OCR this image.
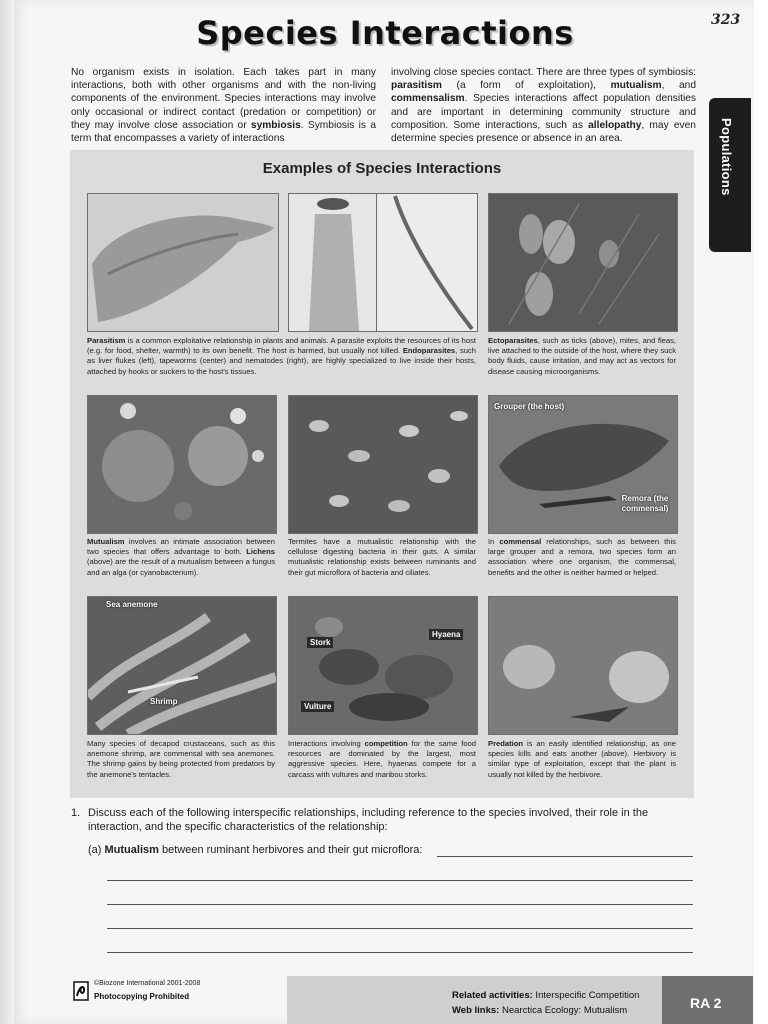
323
Species Interactions
No organism exists in isolation. Each takes part in many interactions, both with other organisms and with the non-living components of the environment. Species interactions may involve only occasional or indirect contact (predation or competition) or they may involve close association or symbiosis. Symbiosis is a term that encompasses a variety of interactions
involving close species contact. There are three types of symbiosis: parasitism (a form of exploitation), mutualism, and commensalism. Species interactions affect population densities and are important in determining community structure and composition. Some interactions, such as allelopathy, may even determine species presence or absence in an area.	Populations
Examples of Species Interactions
Parasitism is a common exploitative relationship in plants and animals. A parasite exploits the resources of its host (e.g. for food, shelter, warmth) to its own benefit. The host is harmed, but usually not killed. Endoparasites, such as liver flukes (left), tapeworms (center) and nematodes (right), are highly specialized to live inside their hosts, attached by hooks or suckers to the host's tissues.
Ectoparasites, such as ticks (above), mites, and fleas, live attached to the outside of the host, where they suck body fluids, cause irritation, and may act as vectors for disease causing microorganisms.
Grouper (the host)
Remora (the commensal)
Mutualism involves an intimate association between two species that offers advantage to both. Lichens (above) are the result of a mutualism between a fungus and an alga (or cyanobacterium).
Termites have a mutualistic relationship with the cellulose digesting bacteria in their guts. A similar mutualistic relationship exists between ruminants and their gut microflora of bacteria and ciliates.
In commensal relationships, such as between this large grouper and a remora, two species form an association where one organism, the commensal, benefits and the other is neither harmed or helped.
Sea anemone
Shrimp
Stork
Hyaena
Vulture
Many species of decapod crustaceans, such as this anemone shrimp, are commensal with sea anemones. The shrimp gains by being protected from predators by the anemone's tentacles.
Interactions involving competition for the same food resources are dominated by the largest, most aggressive species. Here, hyaenas compete for a carcass with vultures and maribou storks.
Predation is an easily identified relationship, as one species kills and eats another (above). Herbivory is similar type of exploitation, except that the plant is usually not killed by the herbivore.
1. Discuss each of the following interspecific relationships, including reference to the species involved, their role in the interaction, and the specific characteristics of the relationship:
(a) Mutualism between ruminant herbivores and their gut microflora:
©Biozone International 2001-2008
Photocopying Prohibited	Related activities: Interspecific Competition
Web links: Nearctica Ecology: Mutualism	RA 2
